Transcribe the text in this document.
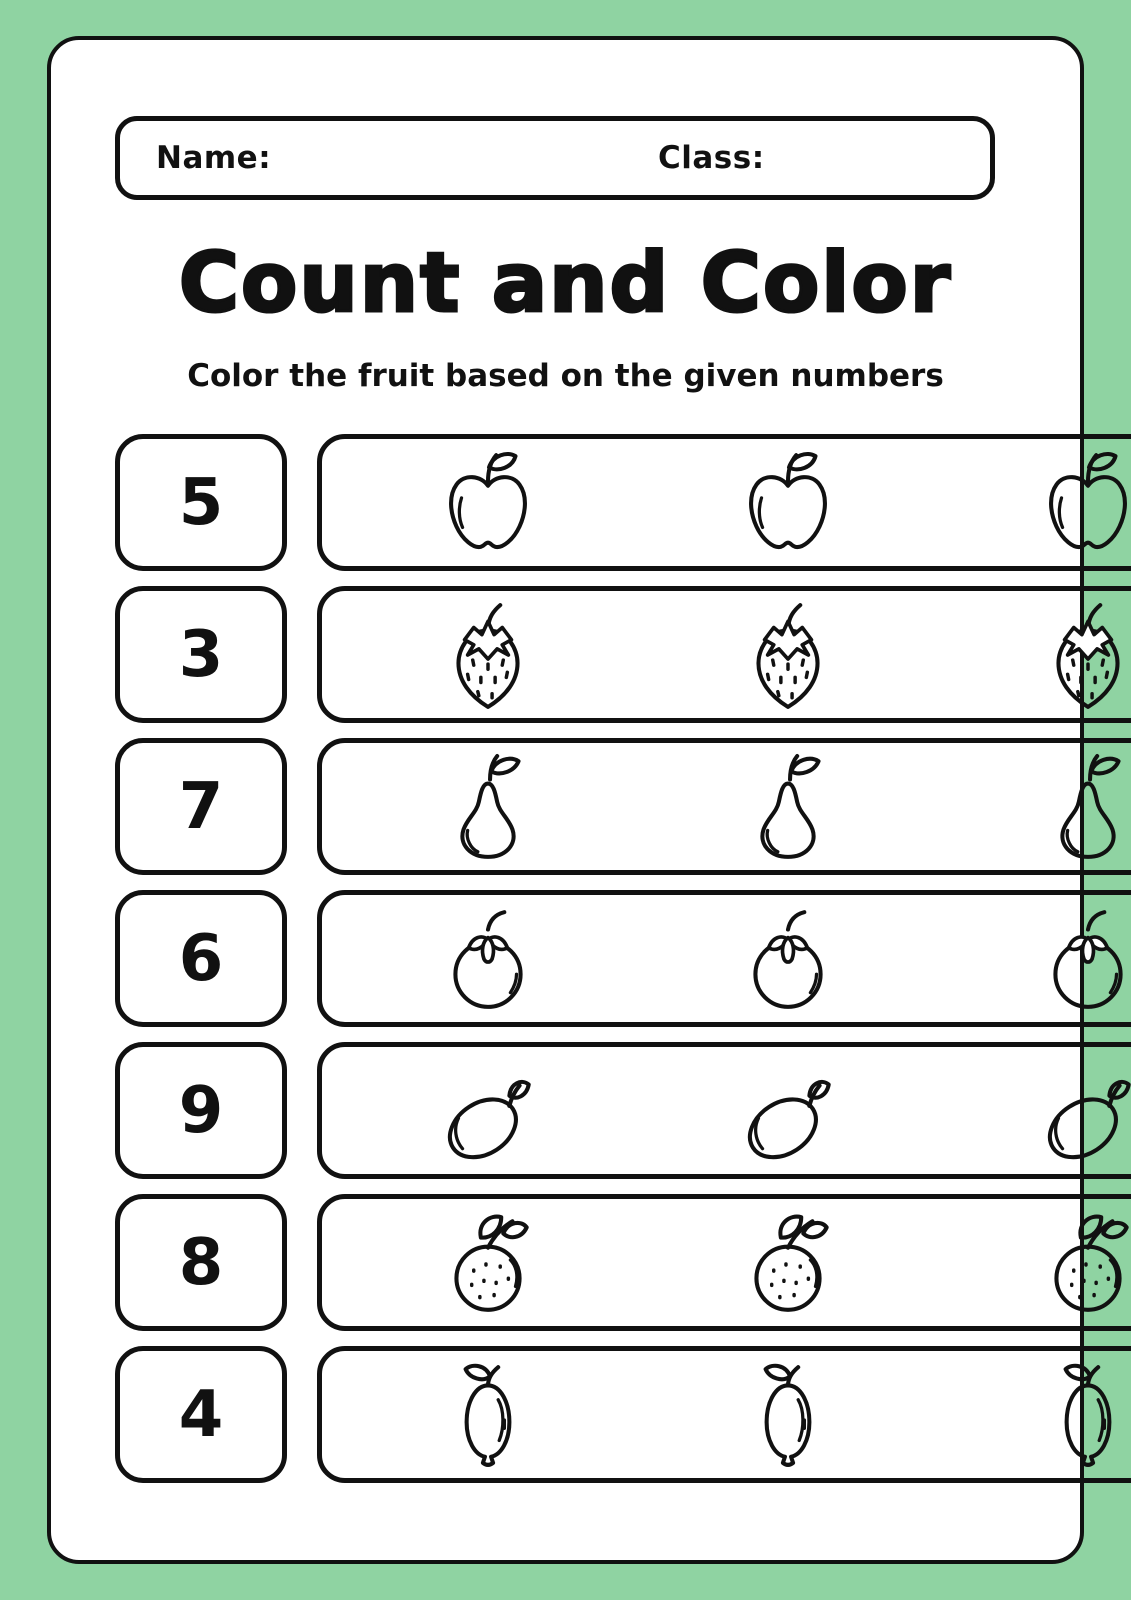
Name:	Class:
Count and Color

Color the fruit based on the given numbers

5
3
7
6
9
8
4
